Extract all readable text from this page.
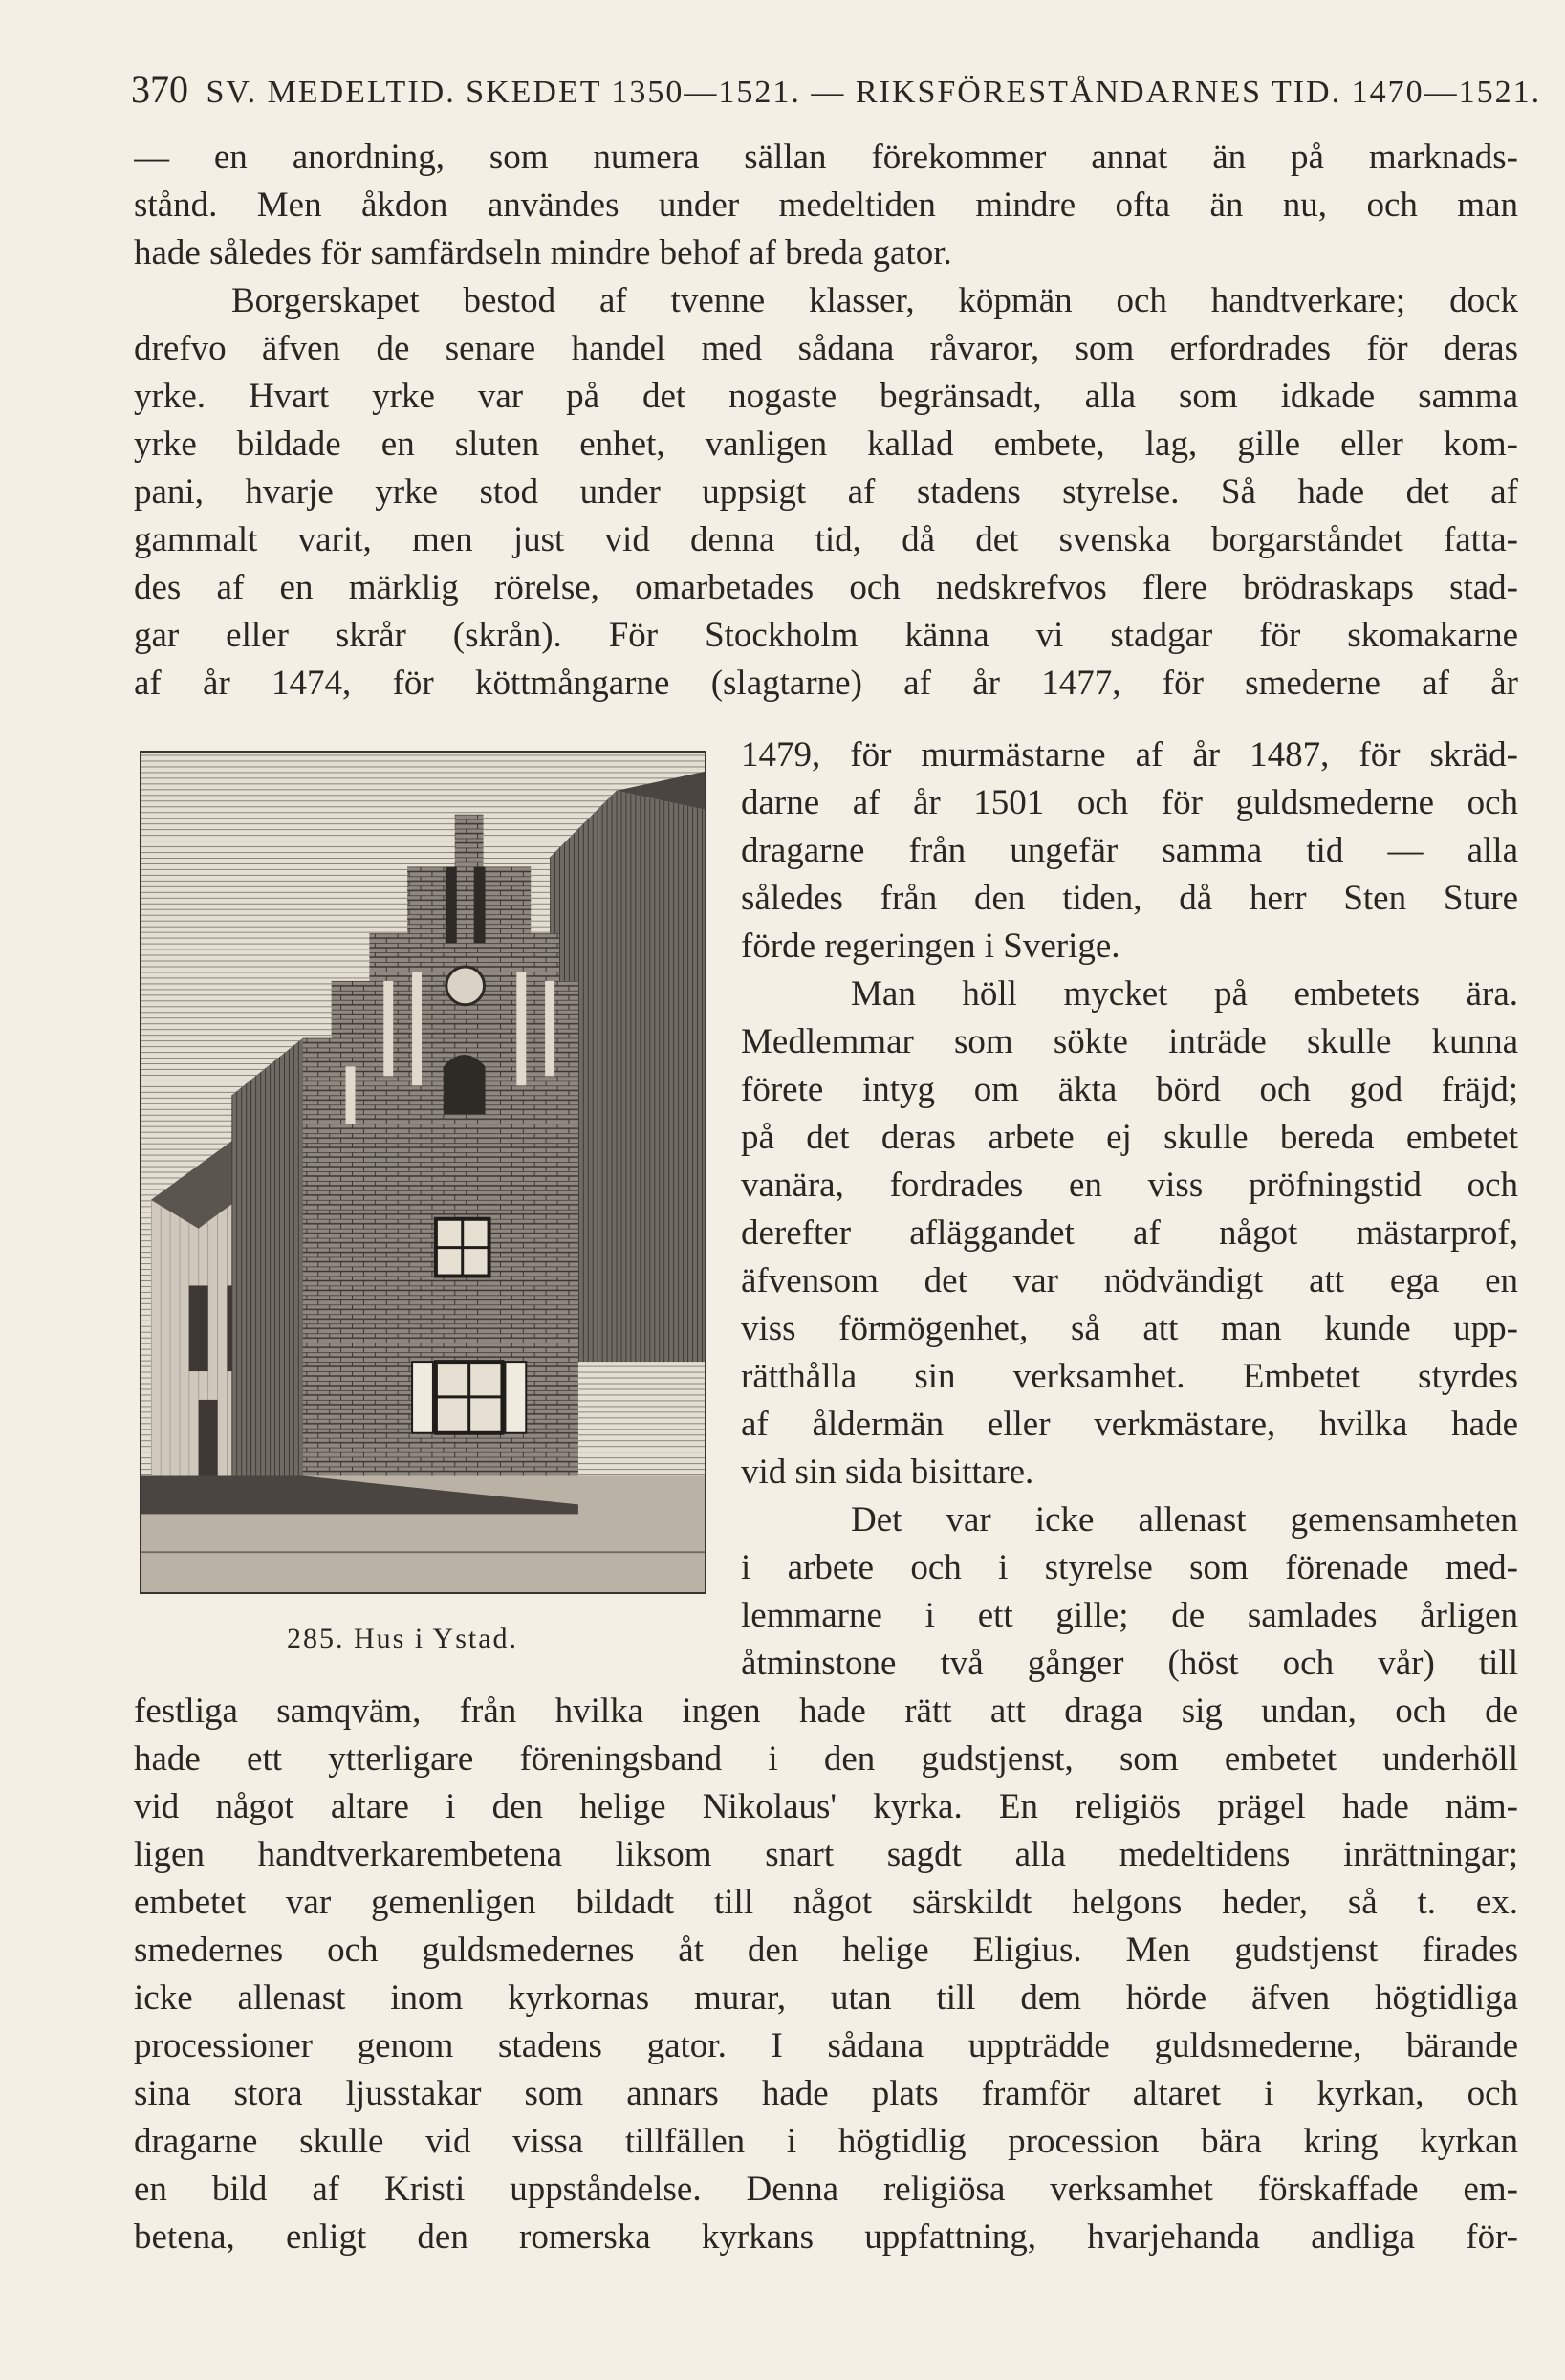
370 SV. MEDELTID. SKEDET 1350—1521. — RIKSFÖRESTÅNDARNES TID. 1470—1521.
— en anordning, som numera sällan förekommer annat än på marknads-
stånd. Men åkdon användes under medeltiden mindre ofta än nu, och man
hade således för samfärdseln mindre behof af breda gator.
Borgerskapet bestod af tvenne klasser, köpmän och handtverkare; dock
drefvo äfven de senare handel med sådana råvaror, som erfordrades för deras
yrke. Hvart yrke var på det nogaste begränsadt, alla som idkade samma
yrke bildade en sluten enhet, vanligen kallad embete, lag, gille eller kom-
pani, hvarje yrke stod under uppsigt af stadens styrelse. Så hade det af
gammalt varit, men just vid denna tid, då det svenska borgarståndet fatta-
des af en märklig rörelse, omarbetades och nedskrefvos flere brödraskaps stad-
gar eller skrår (skrån). För Stockholm känna vi stadgar för skomakarne
af år 1474, för köttmångarne (slagtarne) af år 1477, för smederne af år
1479, för murmästarne af år 1487, för skräd-
darne af år 1501 och för guldsmederne och
dragarne från ungefär samma tid — alla
således från den tiden, då herr Sten Sture
förde regeringen i Sverige.
Man höll mycket på embetets ära.
Medlemmar som sökte inträde skulle kunna
förete intyg om äkta börd och god fräjd;
på det deras arbete ej skulle bereda embetet
vanära, fordrades en viss pröfningstid och
derefter afläggandet af något mästarprof,
äfvensom det var nödvändigt att ega en
viss förmögenhet, så att man kunde upp-
rätthålla sin verksamhet. Embetet styrdes
af åldermän eller verkmästare, hvilka hade
vid sin sida bisittare.
Det var icke allenast gemensamheten
i arbete och i styrelse som förenade med-
lemmarne i ett gille; de samlades årligen
åtminstone två gånger (höst och vår) till
festliga samqväm, från hvilka ingen hade rätt att draga sig undan, och de
hade ett ytterligare föreningsband i den gudstjenst, som embetet underhöll
vid något altare i den helige Nikolaus' kyrka. En religiös prägel hade näm-
ligen handtverkarembetena liksom snart sagdt alla medeltidens inrättningar;
embetet var gemenligen bildadt till något särskildt helgons heder, så t. ex.
smedernes och guldsmedernes åt den helige Eligius. Men gudstjenst firades
icke allenast inom kyrkornas murar, utan till dem hörde äfven högtidliga
processioner genom stadens gator. I sådana uppträdde guldsmederne, bärande
sina stora ljusstakar som annars hade plats framför altaret i kyrkan, och
dragarne skulle vid vissa tillfällen i högtidlig procession bära kring kyrkan
en bild af Kristi uppståndelse. Denna religiösa verksamhet förskaffade em-
betena, enligt den romerska kyrkans uppfattning, hvarjehanda andliga för-
285. Hus i Ystad.
